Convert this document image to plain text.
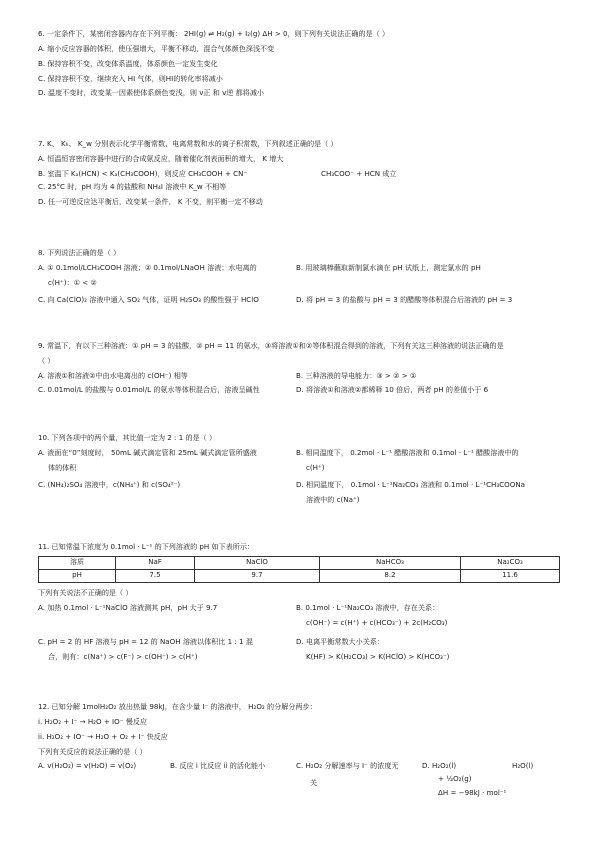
6. 一定条件下，某密闭容器内存在下列平衡： 2HI(g) ⇌ H₂(g) + I₂(g) ΔH > 0，则下列有关说法正确的是（ ）
A. 缩小反应容器的体积，使压强增大，平衡不移动，混合气体颜色深浅不变
B. 保持容积不变，改变体系温度，体系颜色一定发生变化
C. 保持容积不变，继续充入 HI 气体，则HI的转化率将减小
D. 温度不变时，改变某一因素使体系颜色变浅，则 v正 和 v逆 都将减小
7. K、 Kₕ、 K_w 分别表示化学平衡常数、电离常数和水的离子积常数，下列叙述正确的是（ ）
A. 恒温恒容密闭容器中进行的合成氨反应，随着催化剂表面积的增大， K 增大
B. 室温下 Kₐ(HCN) < Kₐ(CH₃COOH)，则反应 CH₃COOH + CN⁻	CH₃COO⁻ + HCN 成立
C. 25°C 时，pH 均为 4 的盐酸和 NH₄I 溶液中 K_w 不相等
D. 任一可逆反应达平衡后，改变某一条件， K 不变，则平衡一定不移动
8. 下列说法正确的是（ ）
A. ① 0.1mol/LCH₃COOH 溶液；② 0.1mol/LNaOH 溶液；水电离的
c(H⁺)：① < ②
B. 用玻璃棒蘸取新制氯水滴在 pH 试纸上，测定氯水的 pH
C. 向 Ca(ClO)₂ 溶液中通入 SO₂ 气体，证明 H₂SO₃ 的酸性强于 HClO	D. 将 pH = 3 的盐酸与 pH = 3 的醋酸等体积混合后溶液的 pH = 3
9. 常温下，有以下三种溶液：① pH = 3 的盐酸，② pH = 11 的氨水，③将溶液①和②等体积混合得到的溶液，下列有关这三种溶液的说法正确的是
（ ）
A. 溶液①和溶液②中由水电离出的 c(OH⁻) 相等	B. 三种溶液的导电能力：③ > ② > ①
C. 0.01mol/L 的盐酸与 0.01mol/L 的氨水等体积混合后，溶液呈碱性	D. 将溶液①和溶液②都稀释 10 倍后，两者 pH 的差值小于 6
10. 下列各项中的两个量，其比值一定为 2 : 1 的是（ ）
A. 液面在“0”刻度时， 50mL 碱式滴定管和 25mL 碱式滴定管所盛液
体的体积
B. 相同温度下， 0.2mol · L⁻¹ 醋酸溶液和 0.1mol · L⁻¹ 醋酸溶液中的
c(H⁺)
C. (NH₄)₂SO₄ 溶液中，c(NH₄⁺) 和 c(SO₄²⁻)	D. 相同温度下， 0.1mol · L⁻¹Na₂CO₃ 溶液和 0.1mol · L⁻¹CH₃COONa
溶液中的 c(Na⁺)
11. 已知常温下浓度为 0.1mol · L⁻¹ 的下列溶液的 pH 如下表所示：
溶质	NaF	NaClO	NaHCO₃	Na₂CO₃
pH	7.5	9.7	8.2	11.6
下列有关说法不正确的是（ ）
A. 加热 0.1mol · L⁻¹NaClO 溶液测其 pH，pH 大于 9.7	B. 0.1mol · L⁻¹Na₂CO₃ 溶液中，存在关系：
c(OH⁻) = c(H⁺) + c(HCO₃⁻) + 2c(H₂CO₃)
C. pH = 2 的 HF 溶液与 pH = 12 的 NaOH 溶液以体积比 1 : 1 混
合，则有：c(Na⁺) > c(F⁻) > c(OH⁻) > c(H⁺)
D. 电离平衡常数大小关系：
K(HF) > K(H₂CO₃) > K(HClO) > K(HCO₃⁻)
12. 已知分解 1molH₂O₂ 放出热量 98kJ，在含少量 I⁻ 的溶液中， H₂O₂ 的分解分两步：
i. H₂O₂ + I⁻ → H₂O + IO⁻ 慢反应
ii. H₂O₂ + IO⁻ → H₂O + O₂ + I⁻ 快反应
下列有关反应的说法正确的是（ ）
A. v(H₂O₂) = v(H₂O) = v(O₂)	B. 反应 i 比反应 ii 的活化能小	C. H₂O₂ 分解速率与 I⁻ 的浓度无
关
D. H₂O₂(l)	H₂O(l)
+ ½O₂(g)
ΔH = −98kJ · mol⁻¹
